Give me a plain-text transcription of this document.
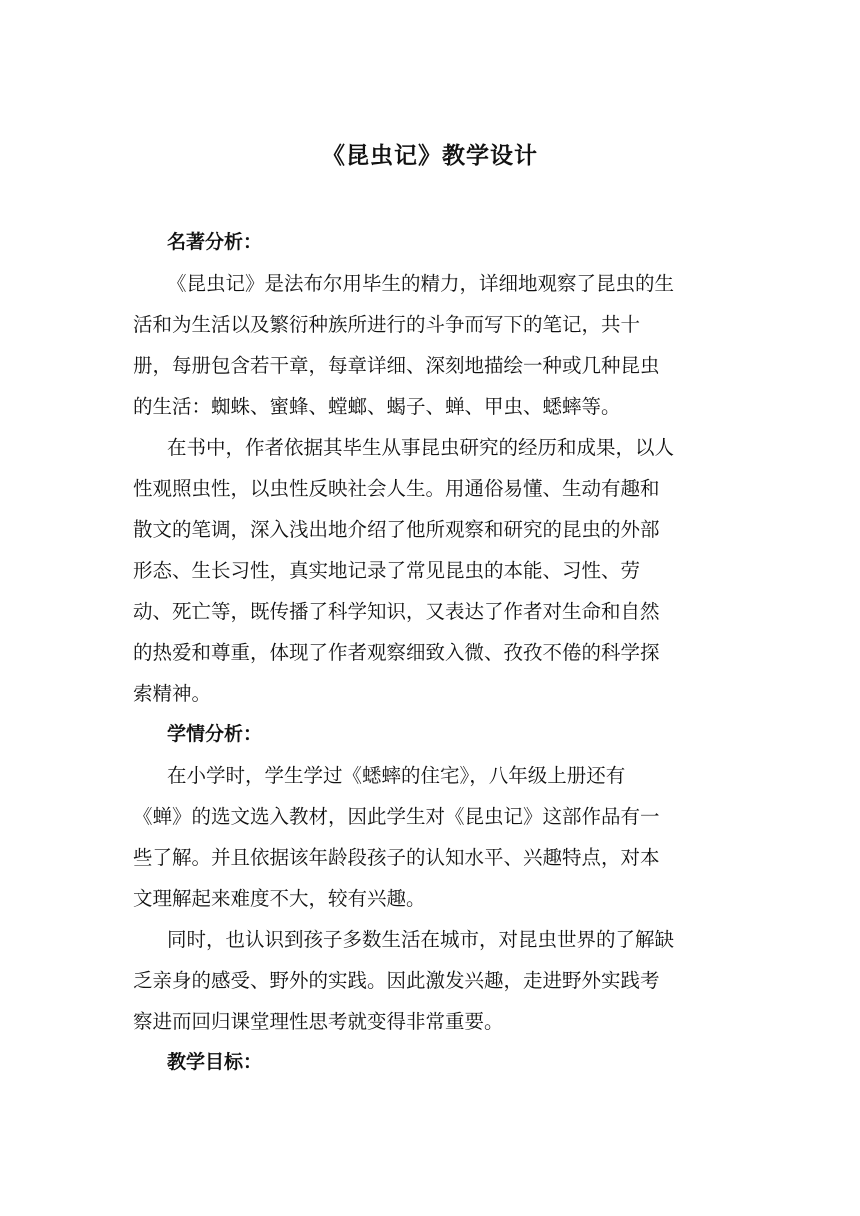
《昆虫记》教学设计

名著分析：

《昆虫记》是法布尔用毕生的精力，详细地观察了昆虫的生
活和为生活以及繁衍种族所进行的斗争而写下的笔记，共十
册，每册包含若干章，每章详细、深刻地描绘一种或几种昆虫
的生活：蜘蛛、蜜蜂、螳螂、蝎子、蝉、甲虫、蟋蟀等。
在书中，作者依据其毕生从事昆虫研究的经历和成果，以人
性观照虫性，以虫性反映社会人生。用通俗易懂、生动有趣和
散文的笔调，深入浅出地介绍了他所观察和研究的昆虫的外部
形态、生长习性，真实地记录了常见昆虫的本能、习性、劳
动、死亡等，既传播了科学知识，又表达了作者对生命和自然
的热爱和尊重，体现了作者观察细致入微、孜孜不倦的科学探
索精神。

学情分析：

在小学时，学生学过《蟋蟀的住宅》，八年级上册还有
《蝉》的选文选入教材，因此学生对《昆虫记》这部作品有一
些了解。并且依据该年龄段孩子的认知水平、兴趣特点，对本
文理解起来难度不大，较有兴趣。
同时，也认识到孩子多数生活在城市，对昆虫世界的了解缺
乏亲身的感受、野外的实践。因此激发兴趣，走进野外实践考
察进而回归课堂理性思考就变得非常重要。

教学目标：
